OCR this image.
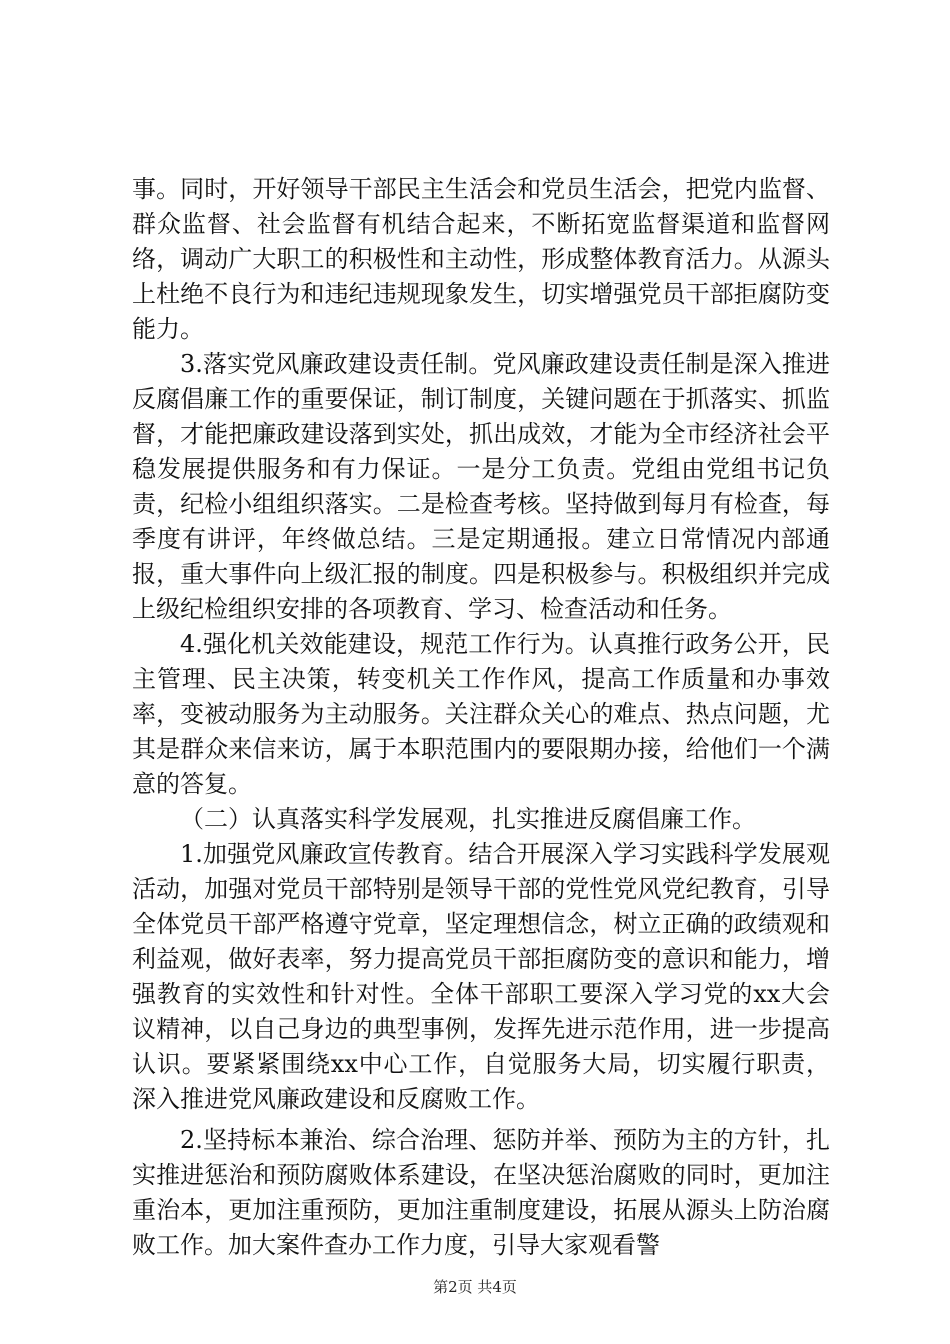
事。同时，开好领导干部民主生活会和党员生活会，把党内监督、群众监督、社会监督有机结合起来，不断拓宽监督渠道和监督网络，调动广大职工的积极性和主动性，形成整体教育活力。从源头上杜绝不良行为和违纪违规现象发生，切实增强党员干部拒腐防变能力。

3.落实党风廉政建设责任制。党风廉政建设责任制是深入推进反腐倡廉工作的重要保证，制订制度，关键问题在于抓落实、抓监督，才能把廉政建设落到实处，抓出成效，才能为全市经济社会平稳发展提供服务和有力保证。一是分工负责。党组由党组书记负责，纪检小组组织落实。二是检查考核。坚持做到每月有检查，每季度有讲评，年终做总结。三是定期通报。建立日常情况内部通报，重大事件向上级汇报的制度。四是积极参与。积极组织并完成上级纪检组织安排的各项教育、学习、检查活动和任务。

4.强化机关效能建设，规范工作行为。认真推行政务公开，民主管理、民主决策，转变机关工作作风，提高工作质量和办事效率，变被动服务为主动服务。关注群众关心的难点、热点问题，尤其是群众来信来访，属于本职范围内的要限期办接，给他们一个满意的答复。

（二）认真落实科学发展观，扎实推进反腐倡廉工作。

1.加强党风廉政宣传教育。结合开展深入学习实践科学发展观活动，加强对党员干部特别是领导干部的党性党风党纪教育，引导全体党员干部严格遵守党章，坚定理想信念，树立正确的政绩观和利益观，做好表率，努力提高党员干部拒腐防变的意识和能力，增强教育的实效性和针对性。全体干部职工要深入学习党的xx大会议精神，以自己身边的典型事例，发挥先进示范作用，进一步提高认识。要紧紧围绕xx中心工作，自觉服务大局，切实履行职责，深入推进党风廉政建设和反腐败工作。

2.坚持标本兼治、综合治理、惩防并举、预防为主的方针，扎实推进惩治和预防腐败体系建设，在坚决惩治腐败的同时，更加注重治本，更加注重预防，更加注重制度建设，拓展从源头上防治腐败工作。加大案件查办工作力度，引导大家观看警

第2页 共4页
